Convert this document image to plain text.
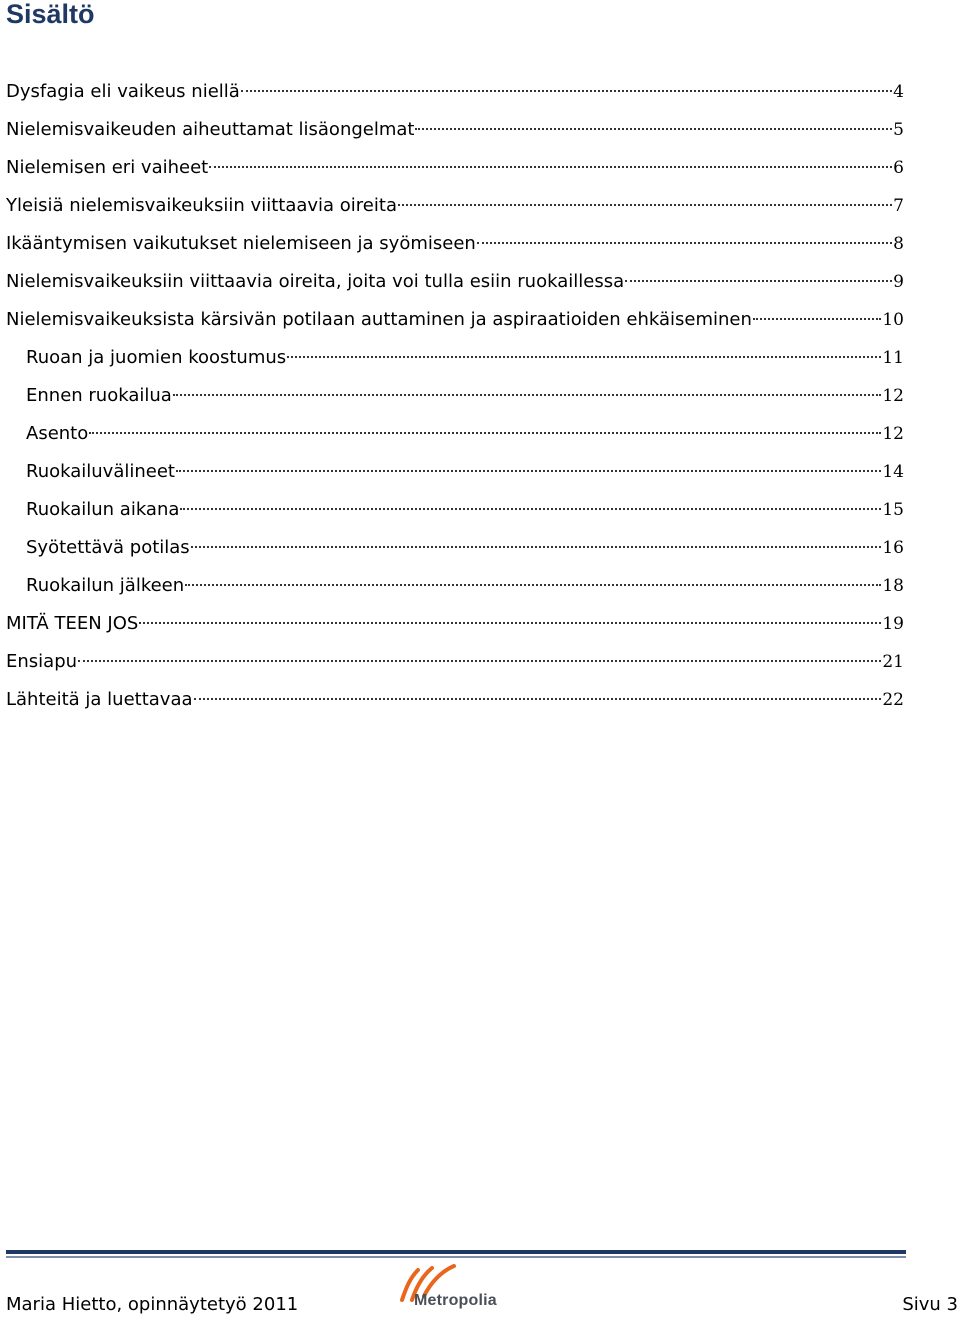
Sisältö
Dysfagia eli vaikeus niellä	4
Nielemisvaikeuden aiheuttamat lisäongelmat	5
Nielemisen eri vaiheet	6
Yleisiä nielemisvaikeuksiin viittaavia oireita	7
Ikääntymisen vaikutukset nielemiseen ja syömiseen	8
Nielemisvaikeuksiin viittaavia oireita, joita voi tulla esiin ruokaillessa	9
Nielemisvaikeuksista kärsivän potilaan auttaminen ja aspiraatioiden ehkäiseminen	10
Ruoan ja juomien koostumus	11
Ennen ruokailua	12
Asento	12
Ruokailuvälineet	14
Ruokailun aikana	15
Syötettävä potilas	16
Ruokailun jälkeen	18
MITÄ TEEN JOS	19
Ensiapu	21
Lähteitä ja luettavaa	22
Maria Hietto, opinnäytetyö 2011	Metropolia	Sivu 3
